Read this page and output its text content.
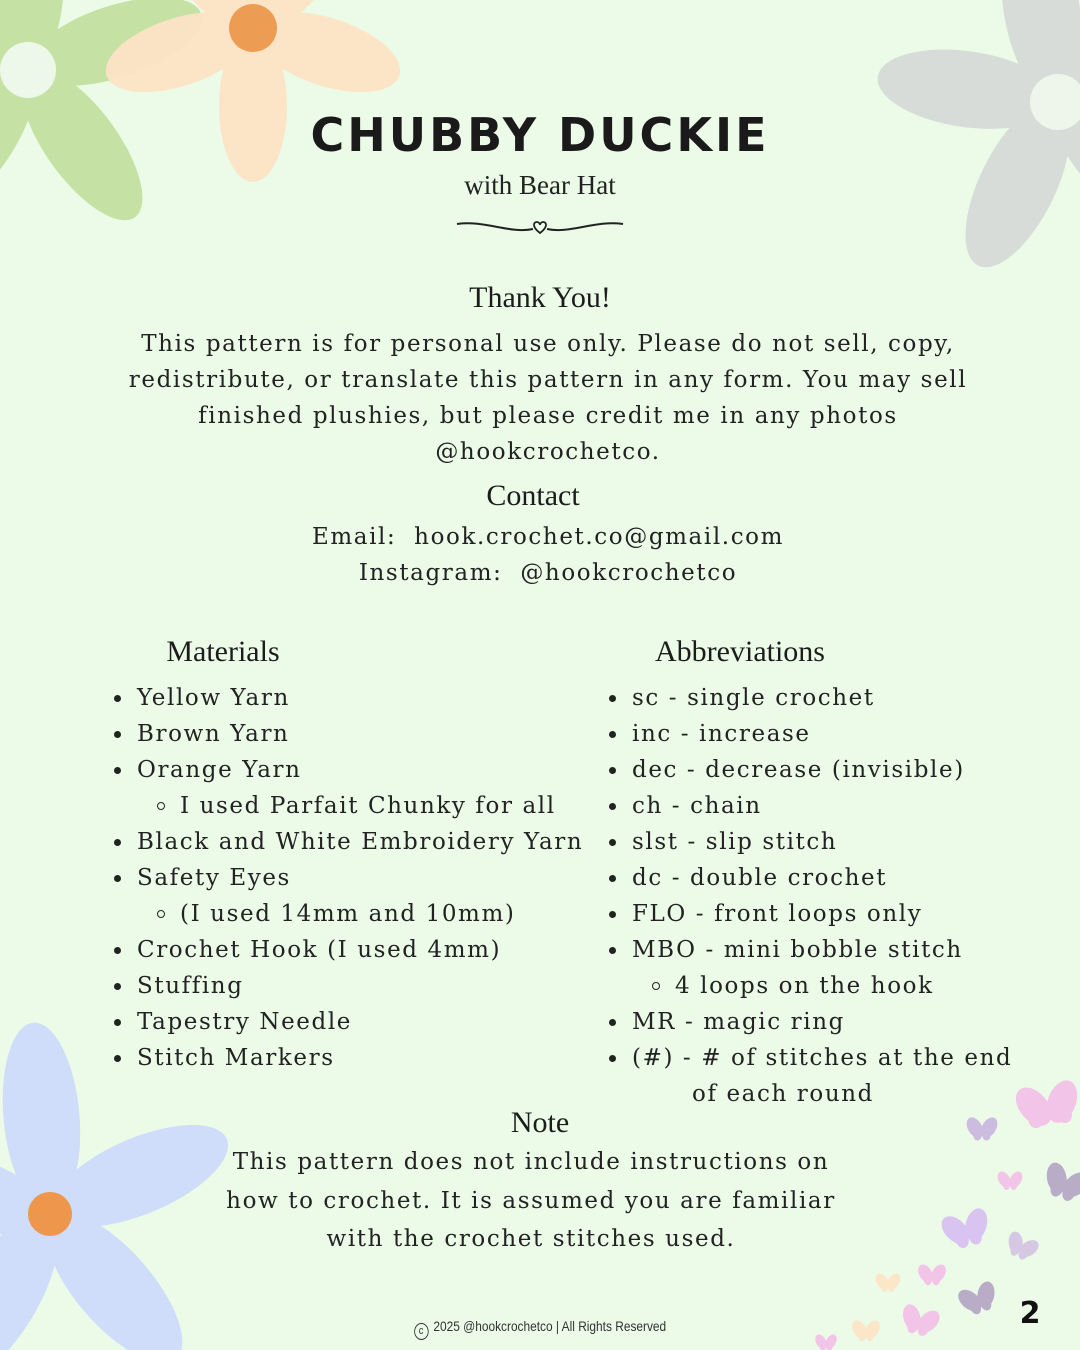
CHUBBY DUCKIE
with Bear Hat
Thank You!
This pattern is for personal use only. Please do not sell, copy,
redistribute, or translate this pattern in any form. You may sell
finished plushies, but please credit me in any photos
@hookcrochetco.
Contact
Email: hook.crochet.co@gmail.com
Instagram: @hookcrochetco
Materials
Yellow Yarn
Brown Yarn
Orange Yarn
I used Parfait Chunky for all
Black and White Embroidery Yarn
Safety Eyes
(I used 14mm and 10mm)
Crochet Hook (I used 4mm)
Stuffing
Tapestry Needle
Stitch Markers
Abbreviations
sc - single crochet
inc - increase
dec - decrease (invisible)
ch - chain
slst - slip stitch
dc - double crochet
FLO - front loops only
MBO - mini bobble stitch
4 loops on the hook
MR - magic ring
(#) - # of stitches at the end
of each round
Note
This pattern does not include instructions on
how to crochet. It is assumed you are familiar
with the crochet stitches used.
c 2025 @hookcrochetco | All Rights Reserved	2
